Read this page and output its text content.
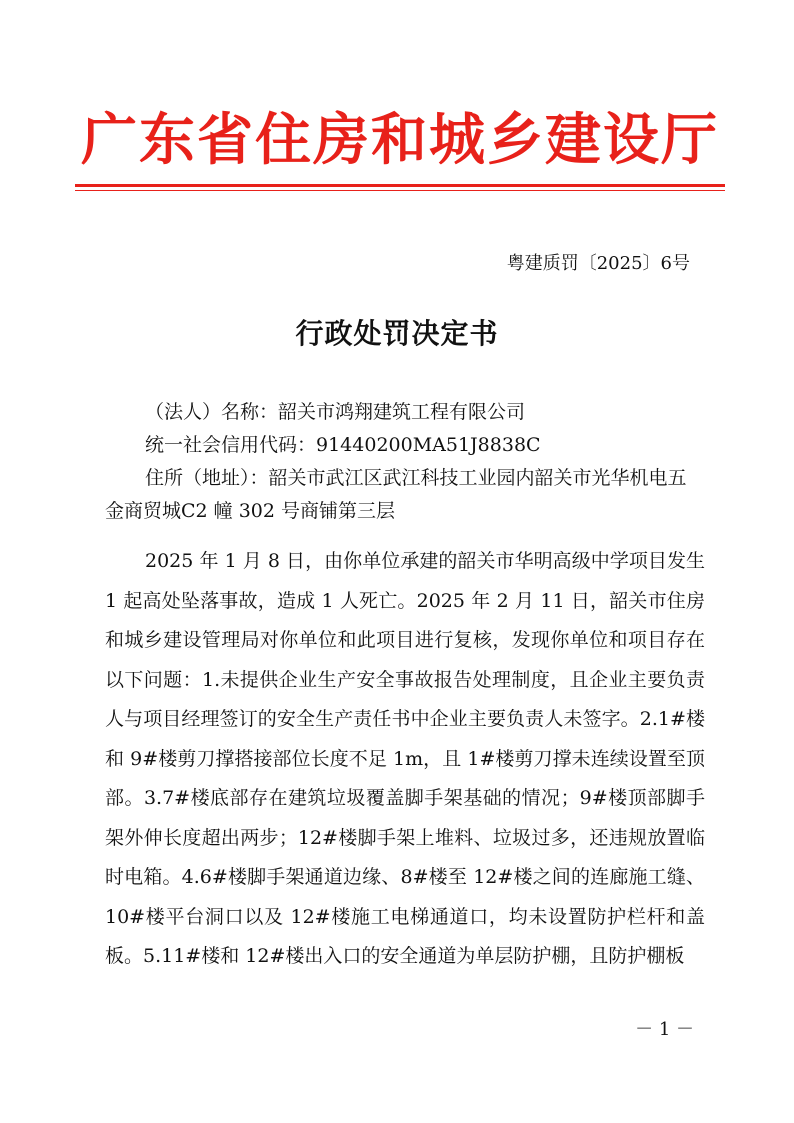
广东省住房和城乡建设厅
粤建质罚〔2025〕6号
行政处罚决定书

（法人）名称：韶关市鸿翔建筑工程有限公司

统一社会信用代码：91440200MA51J8838C

住所（地址）：韶关市武江区武江科技工业园内韶关市光华机电五金商贸城C2 幢 302 号商铺第三层

2025 年 1 月 8 日，由你单位承建的韶关市华明高级中学项目发生 1 起高处坠落事故，造成 1 人死亡。2025 年 2 月 11 日，韶关市住房和城乡建设管理局对你单位和此项目进行复核，发现你单位和项目存在以下问题：1.未提供企业生产安全事故报告处理制度，且企业主要负责人与项目经理签订的安全生产责任书中企业主要负责人未签字。2.1#楼和 9#楼剪刀撑搭接部位长度不足 1m，且 1#楼剪刀撑未连续设置至顶部。3.7#楼底部存在建筑垃圾覆盖脚手架基础的情况；9#楼顶部脚手架外伸长度超出两步；12#楼脚手架上堆料、垃圾过多，还违规放置临时电箱。4.6#楼脚手架通道边缘、8#楼至 12#楼之间的连廊施工缝、10#楼平台洞口以及 12#楼施工电梯通道口，均未设置防护栏杆和盖板。5.11#楼和 12#楼出入口的安全通道为单层防护棚，且防护棚板

－ 1 －
